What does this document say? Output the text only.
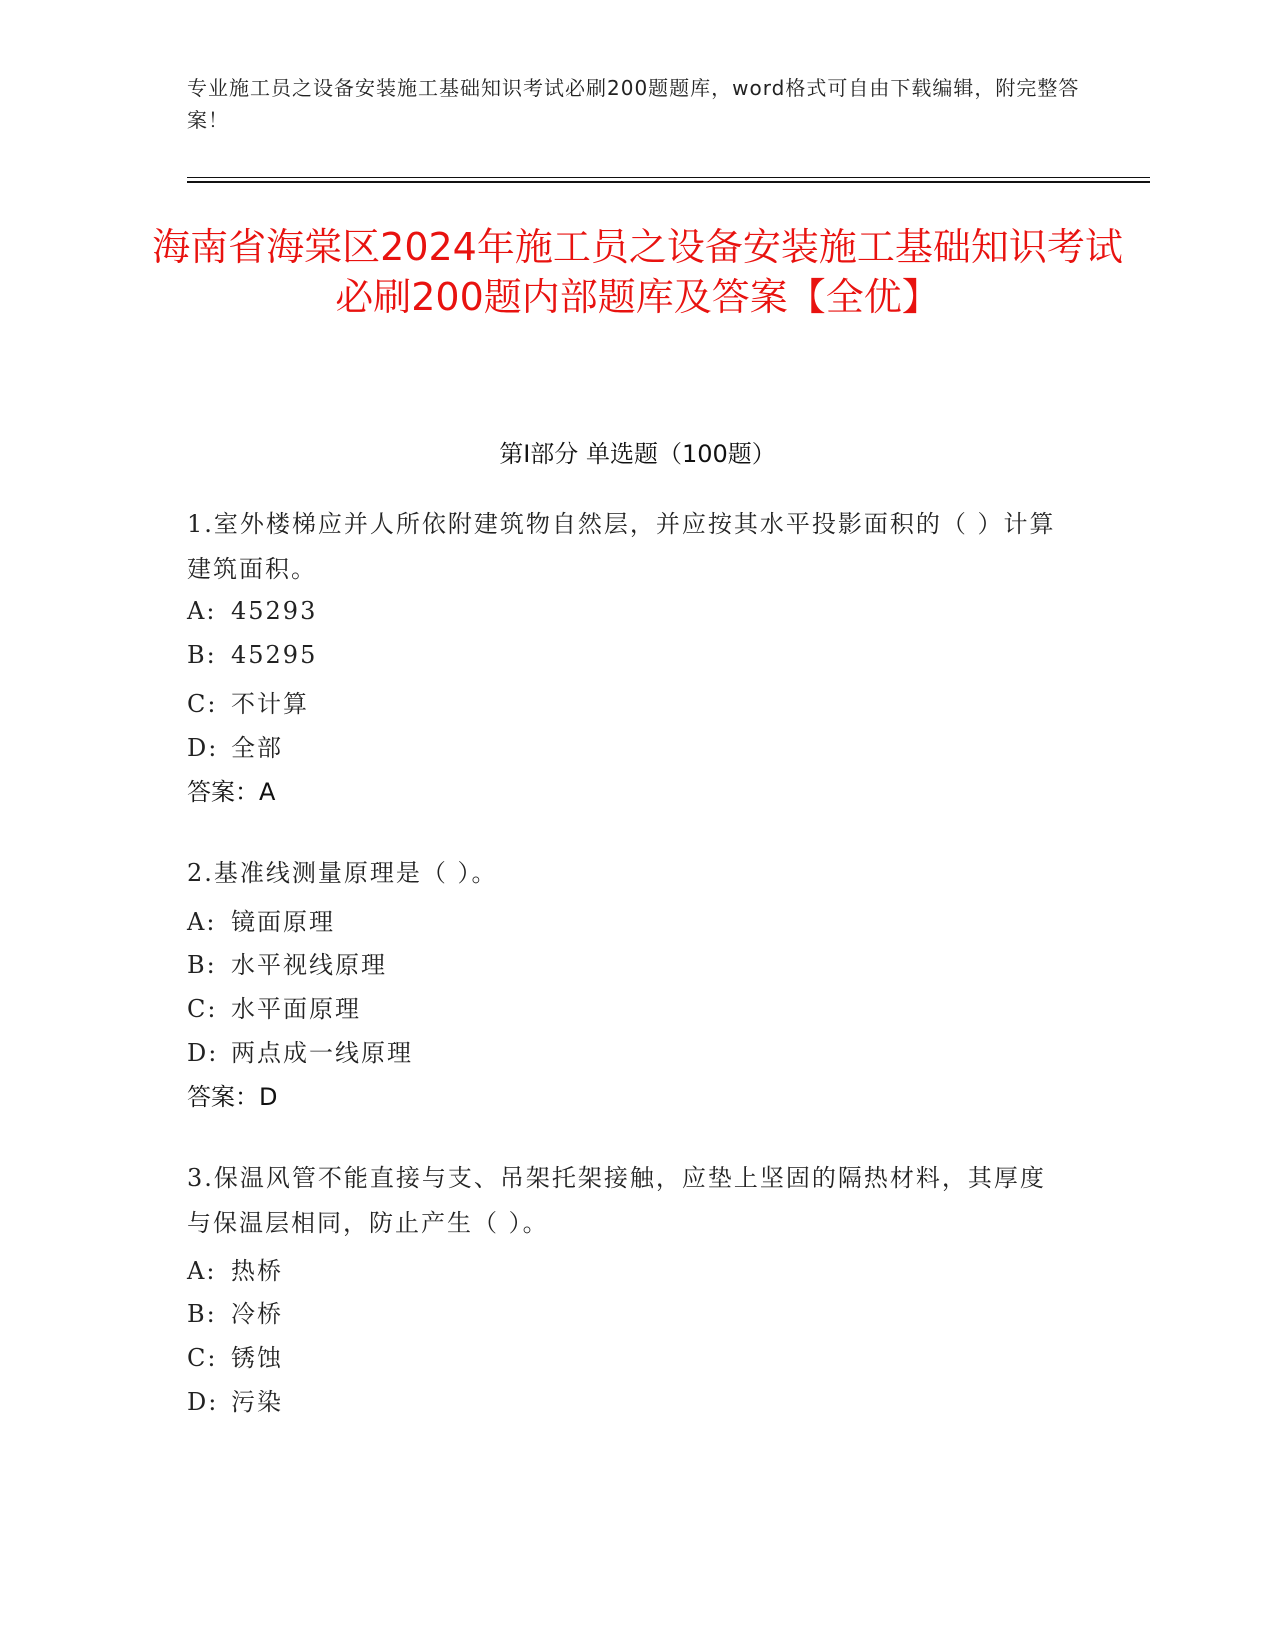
专业施工员之设备安装施工基础知识考试必刷200题题库，word格式可自由下载编辑，附完整答案！
海南省海棠区2024年施工员之设备安装施工基础知识考试必刷200题内部题库及答案【全优】
第Ⅰ部分 单选题（100题）
1.室外楼梯应并人所依附建筑物自然层，并应按其水平投影面积的（ ）计算建筑面积。
A: 45293
B: 45295
C: 不计算
D: 全部
答案：A
2.基准线测量原理是（ ）。
A: 镜面原理
B: 水平视线原理
C: 水平面原理
D: 两点成一线原理
答案：D
3.保温风管不能直接与支、吊架托架接触，应垫上坚固的隔热材料，其厚度与保温层相同，防止产生（ ）。
A: 热桥
B: 冷桥
C: 锈蚀
D: 污染
